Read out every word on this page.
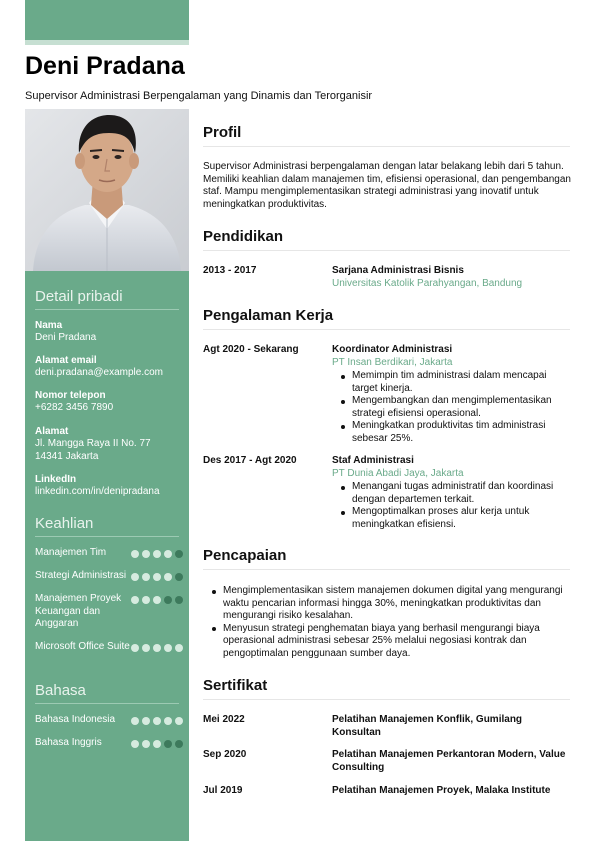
Deni Pradana
Supervisor Administrasi Berpengalaman yang Dinamis dan Terorganisir
Detail pribadi
Nama
Deni Pradana
Alamat email
deni.pradana@example.com
Nomor telepon
+6282 3456 7890
Alamat
Jl. Mangga Raya II No. 77
14341 Jakarta
LinkedIn
linkedin.com/in/denipradana
Keahlian
Manajemen Tim
Strategi Administrasi
Manajemen Proyek Keuangan dan Anggaran
Microsoft Office Suite
Bahasa
Bahasa Indonesia
Bahasa Inggris
Profil

Supervisor Administrasi berpengalaman dengan latar belakang lebih dari 5 tahun. Memiliki keahlian dalam manajemen tim, efisiensi operasional, dan pengembangan staf. Mampu mengimplementasikan strategi administrasi yang inovatif untuk meningkatkan produktivitas.

Pendidikan
2013 - 2017	Sarjana Administrasi Bisnis
Universitas Katolik Parahyangan, Bandung
Pengalaman Kerja
Agt 2020 - Sekarang	Koordinator Administrasi
PT Insan Berdikari, Jakarta
Memimpin tim administrasi dalam mencapai target kinerja.
Mengembangkan dan mengimplementasikan strategi efisiensi operasional.
Meningkatkan produktivitas tim administrasi sebesar 25%.
Des 2017 - Agt 2020	Staf Administrasi
PT Dunia Abadi Jaya, Jakarta
Menangani tugas administratif dan koordinasi dengan departemen terkait.
Mengoptimalkan proses alur kerja untuk meningkatkan efisiensi.
Pencapaian
Mengimplementasikan sistem manajemen dokumen digital yang mengurangi waktu pencarian informasi hingga 30%, meningkatkan produktivitas dan mengurangi risiko kesalahan.
Menyusun strategi penghematan biaya yang berhasil mengurangi biaya operasional administrasi sebesar 25% melalui negosiasi kontrak dan pengoptimalan penggunaan sumber daya.
Sertifikat
Mei 2022	Pelatihan Manajemen Konflik, Gumilang Konsultan
Sep 2020	Pelatihan Manajemen Perkantoran Modern, Value Consulting
Jul 2019	Pelatihan Manajemen Proyek, Malaka Institute
